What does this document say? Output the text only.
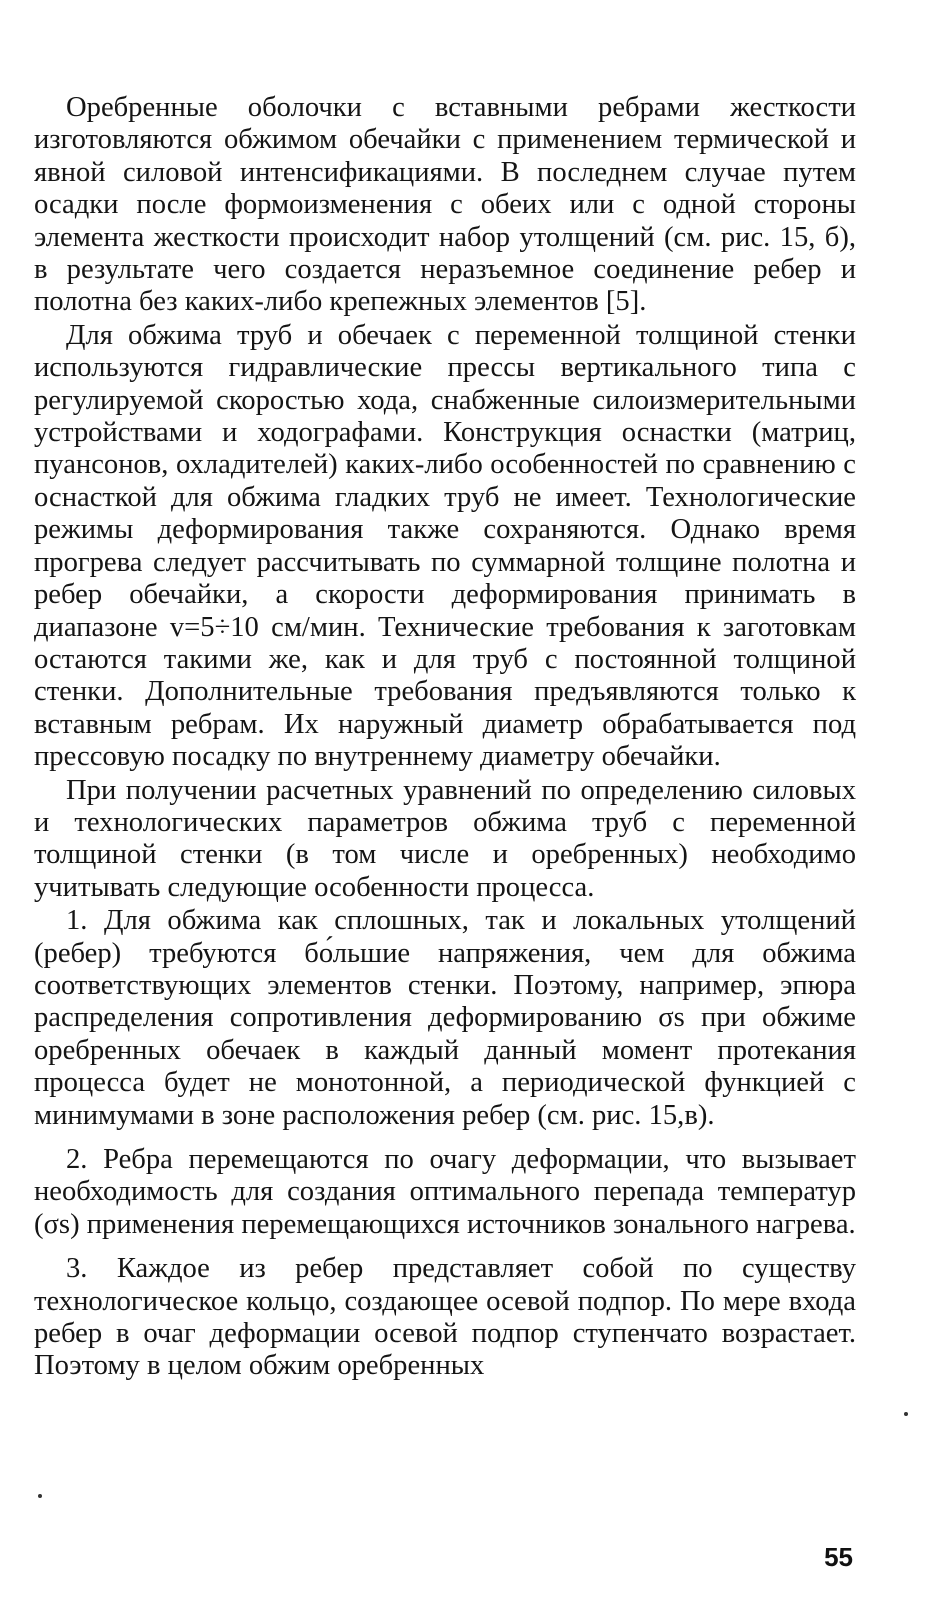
Оребренные оболочки с вставными ребрами жесткости изготовляются обжимом обечайки с применением термической и явной силовой интенсификациями. В последнем случае путем осадки после формоизменения с обеих или с одной стороны элемента жесткости происходит набор утолщений (см. рис. 15, б), в результате чего создается неразъемное соединение ребер и полотна без каких-либо крепежных элементов [5].

Для обжима труб и обечаек с переменной толщиной стенки используются гидравлические прессы вертикального типа с регулируемой скоростью хода, снабженные силоизмерительными устройствами и ходографами. Конструкция оснастки (матриц, пуансонов, охладителей) каких-либо особенностей по сравнению с оснасткой для обжима гладких труб не имеет. Технологические режимы деформирования также сохраняются. Однако время прогрева следует рассчитывать по суммарной толщине полотна и ребер обечайки, а скорости деформирования принимать в диапазоне v=5÷10 см/мин. Технические требования к заготовкам остаются такими же, как и для труб с постоянной толщиной стенки. Дополнительные требования предъявляются только к вставным ребрам. Их наружный диаметр обрабатывается под прессовую посадку по внутреннему диаметру обечайки.

При получении расчетных уравнений по определению силовых и технологических параметров обжима труб с переменной толщиной стенки (в том числе и оребренных) необходимо учитывать следующие особенности процесса.

1. Для обжима как сплошных, так и локальных утолщений (ребер) требуются бо́льшие напряжения, чем для обжима соответствующих элементов стенки. Поэтому, например, эпюра распределения сопротивления деформированию σs при обжиме оребренных обечаек в каждый данный момент протекания процесса будет не монотонной, а периодической функцией с минимумами в зоне расположения ребер (см. рис. 15,в).

2. Ребра перемещаются по очагу деформации, что вызывает необходимость для создания оптимального перепада температур (σs) применения перемещающихся источников зонального нагрева.

3. Каждое из ребер представляет собой по существу технологическое кольцо, создающее осевой подпор. По мере входа ребер в очаг деформации осевой подпор ступенчато возрастает. Поэтому в целом обжим оребренных

55
